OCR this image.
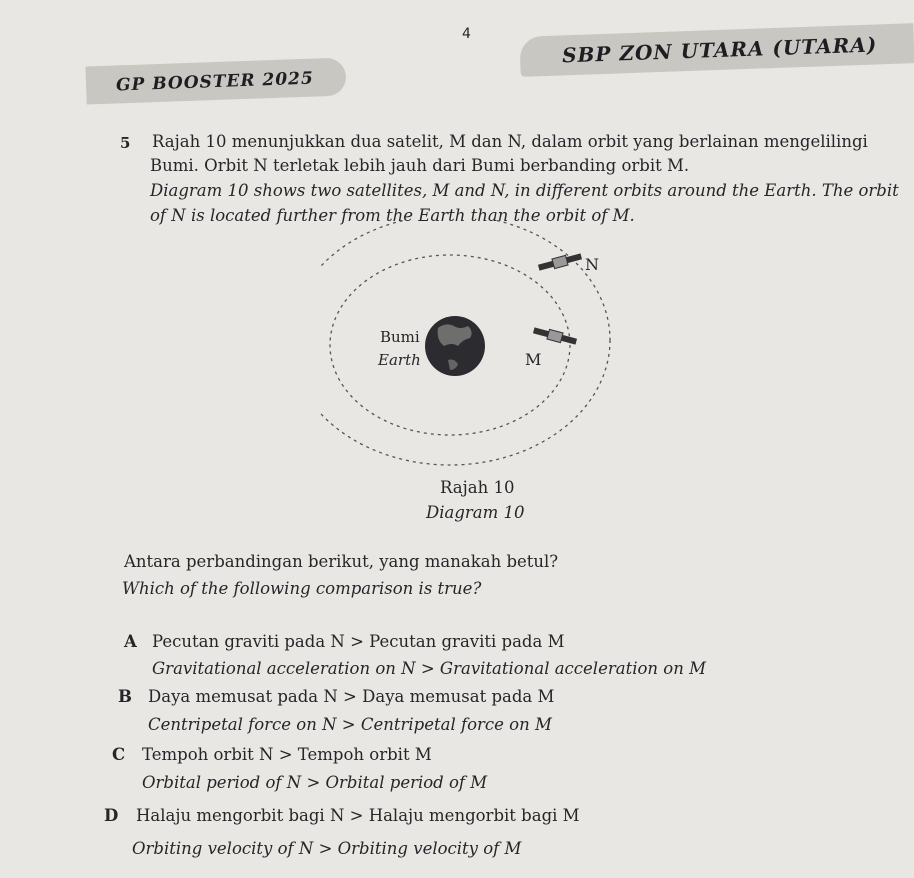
4	SBP ZON UTARA (UTARA)
GP BOOSTER 2025
5 Rajah 10 menunjukkan dua satelit, M dan N, dalam orbit yang berlainan mengelilingi
Bumi. Orbit N terletak lebih jauh dari Bumi berbanding orbit M.
Diagram 10 shows two satellites, M and N, in different orbits around the Earth. The orbit
of N is located further from the Earth than the orbit of M.
N
M
Bumi
Earth
Rajah 10
Diagram 10
Antara perbandingan berikut, yang manakah betul?
Which of the following comparison is true?
A Pecutan graviti pada N > Pecutan graviti pada M
Gravitational acceleration on N > Gravitational acceleration on M
B Daya memusat pada N > Daya memusat pada M
Centripetal force on N > Centripetal force on M
C Tempoh orbit N > Tempoh orbit M
Orbital period of N > Orbital period of M
D Halaju mengorbit bagi N > Halaju mengorbit bagi M
Orbiting velocity of N > Orbiting velocity of M
